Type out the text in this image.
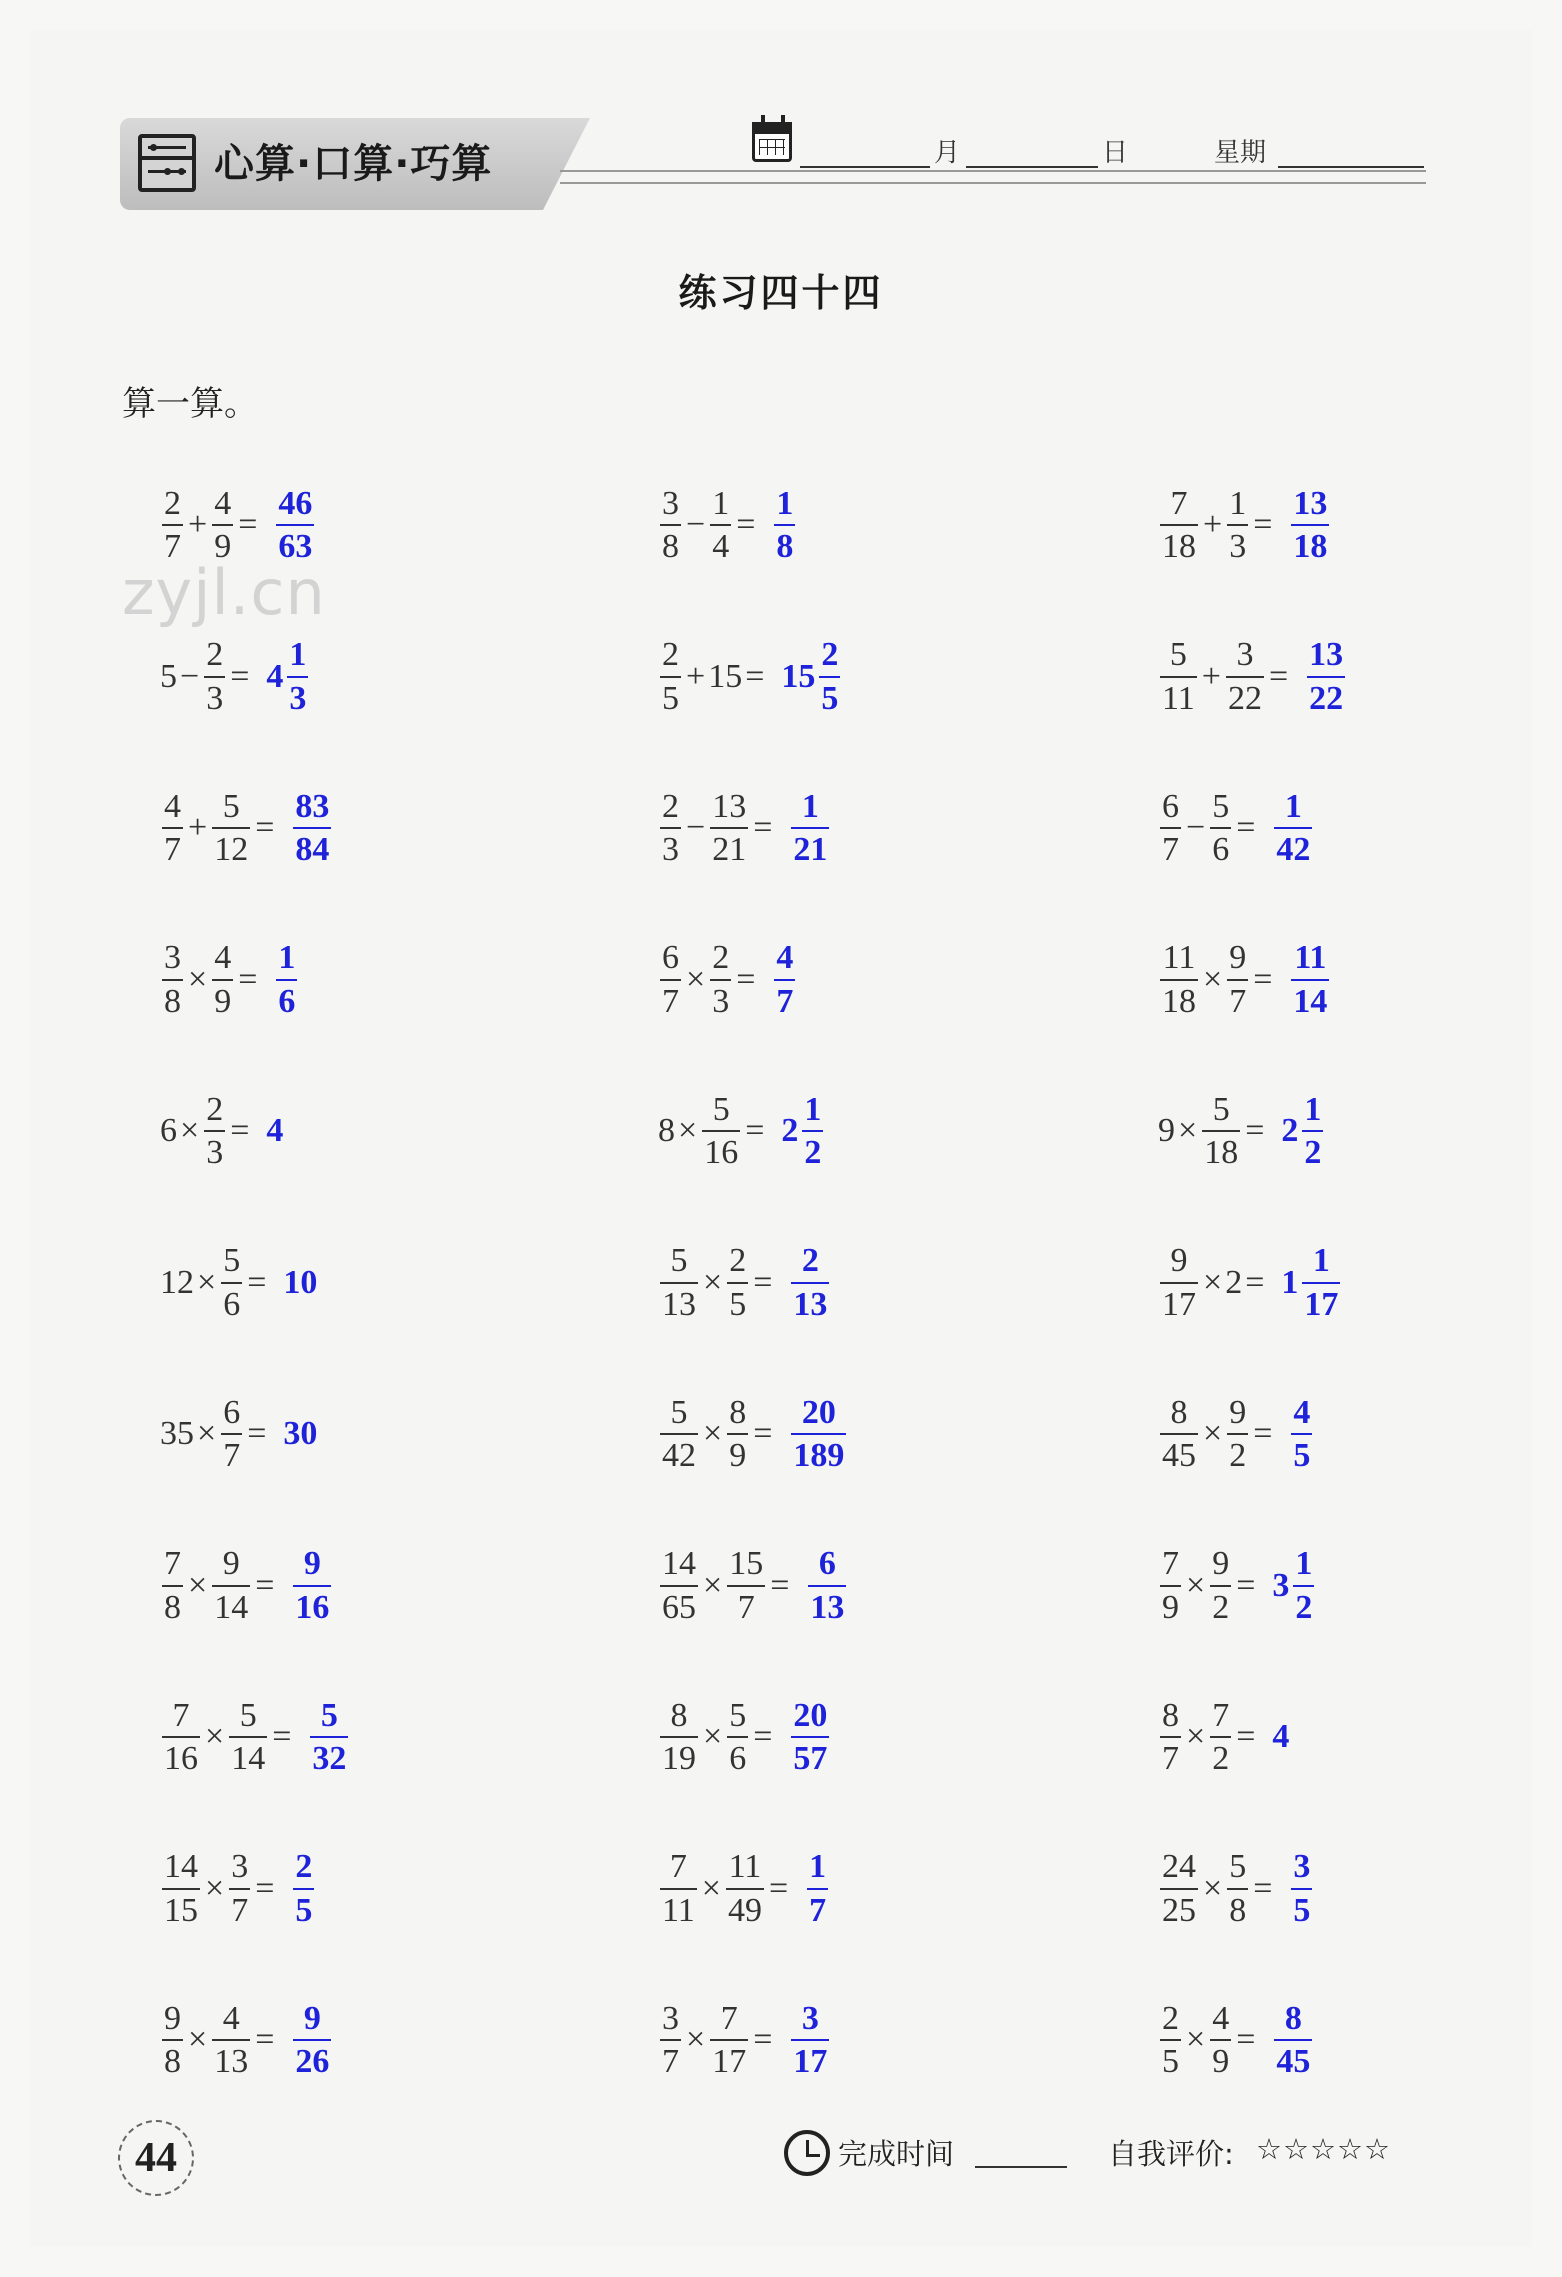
心算·口算·巧算	月	日	星期
练习四十四
算一算。
zyjl.cn
$\frac{2}{7} + \frac{4}{9} = \frac{46}{63}$
$5 - \frac{2}{3} = 4 \frac{1}{3}$
$\frac{4}{7} + \frac{5}{12} = \frac{83}{84}$
$\frac{3}{8} \times \frac{4}{9} = \frac{1}{6}$
$6 \times \frac{2}{3} = 4$
$12 \times \frac{5}{6} = 10$
$35 \times \frac{6}{7} = 30$
$\frac{7}{8} \times \frac{9}{14} = \frac{9}{16}$
$\frac{7}{16} \times \frac{5}{14} = \frac{5}{32}$
$\frac{14}{15} \times \frac{3}{7} = \frac{2}{5}$
$\frac{9}{8} \times \frac{4}{13} = \frac{9}{26}$
$\frac{3}{8} - \frac{1}{4} = \frac{1}{8}$
$\frac{2}{5} + 15 = 15 \frac{2}{5}$
$\frac{2}{3} - \frac{13}{21} = \frac{1}{21}$
$\frac{6}{7} \times \frac{2}{3} = \frac{4}{7}$
$8 \times \frac{5}{16} = 2 \frac{1}{2}$
$\frac{5}{13} \times \frac{2}{5} = \frac{2}{13}$
$\frac{5}{42} \times \frac{8}{9} = \frac{20}{189}$
$\frac{14}{65} \times \frac{15}{7} = \frac{6}{13}$
$\frac{8}{19} \times \frac{5}{6} = \frac{20}{57}$
$\frac{7}{11} \times \frac{11}{49} = \frac{1}{7}$
$\frac{3}{7} \times \frac{7}{17} = \frac{3}{17}$
$\frac{7}{18} + \frac{1}{3} = \frac{13}{18}$
$\frac{5}{11} + \frac{3}{22} = \frac{13}{22}$
$\frac{6}{7} - \frac{5}{6} = \frac{1}{42}$
$\frac{11}{18} \times \frac{9}{7} = \frac{11}{14}$
$9 \times \frac{5}{18} = 2 \frac{1}{2}$
$\frac{9}{17} \times 2 = 1 \frac{1}{17}$
$\frac{8}{45} \times \frac{9}{2} = \frac{4}{5}$
$\frac{7}{9} \times \frac{9}{2} = 3 \frac{1}{2}$
$\frac{8}{7} \times \frac{7}{2} = 4$
$\frac{24}{25} \times \frac{5}{8} = \frac{3}{5}$
$\frac{2}{5} \times \frac{4}{9} = \frac{8}{45}$
44	完成时间	自我评价: ☆☆☆☆☆
